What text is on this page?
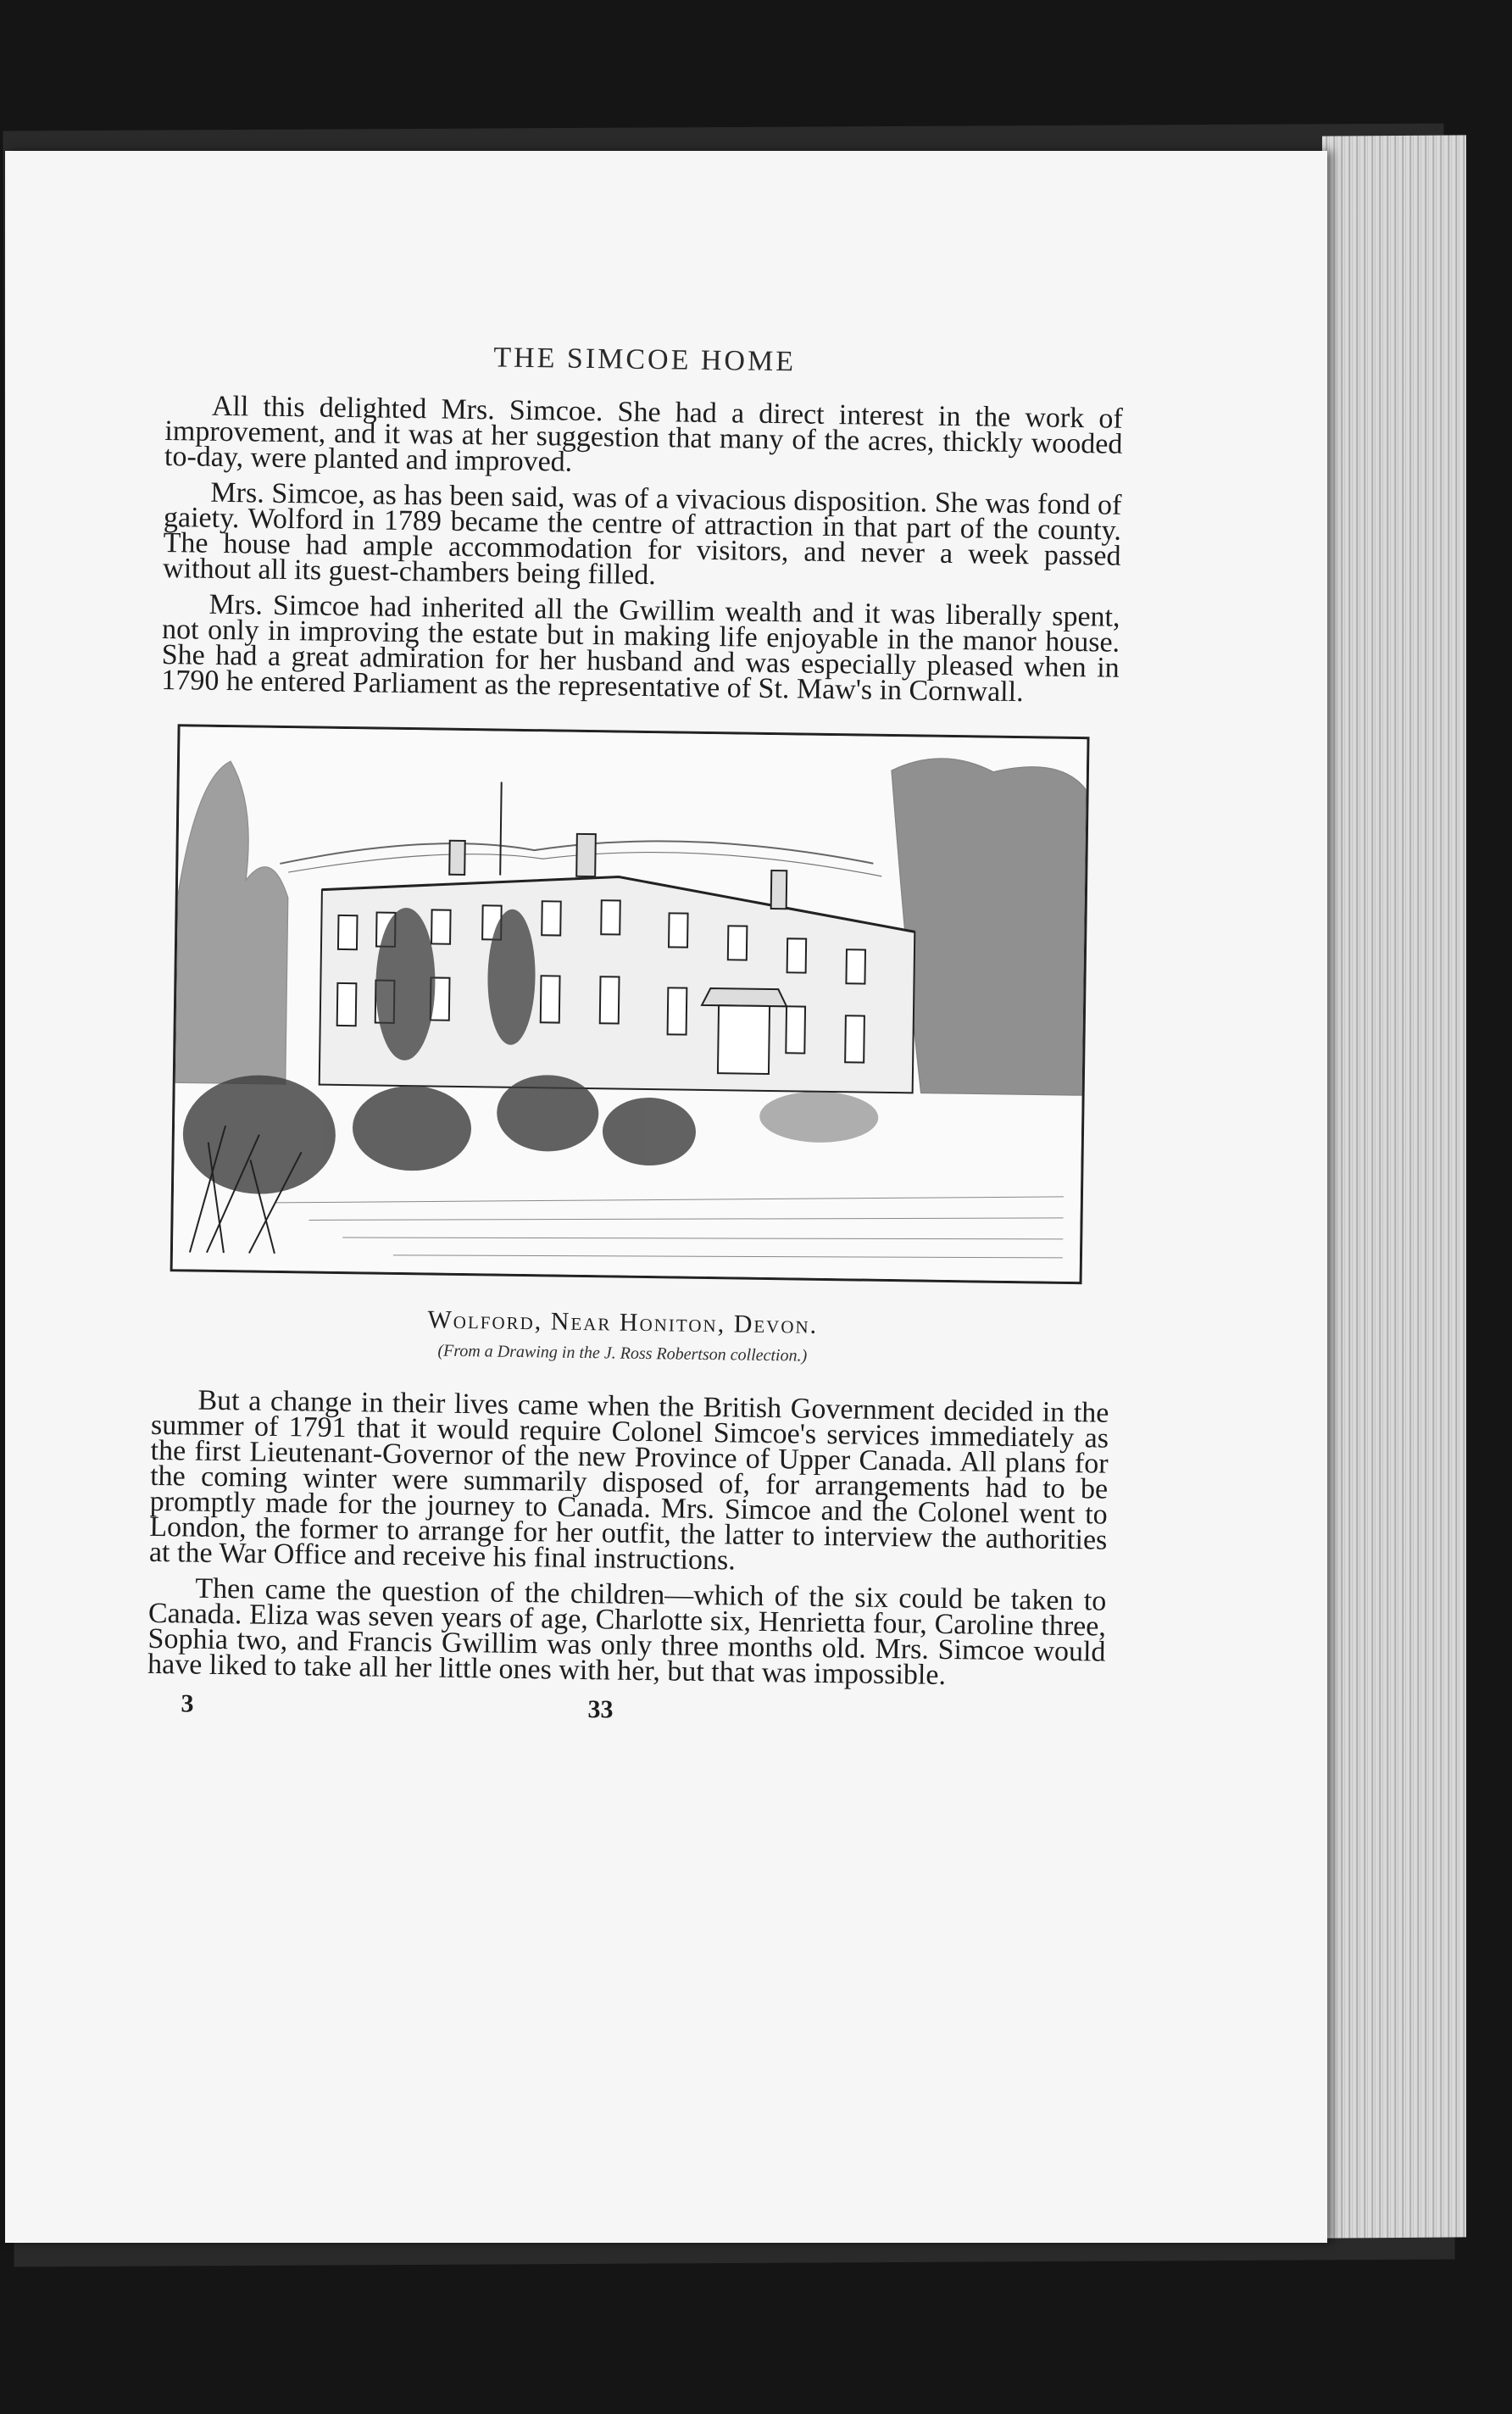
THE SIMCOE HOME

All this delighted Mrs. Simcoe. She had a direct interest in the work of improvement, and it was at her suggestion that many of the acres, thickly wooded to-day, were planted and improved.

Mrs. Simcoe, as has been said, was of a vivacious disposition. She was fond of gaiety. Wolford in 1789 became the centre of attraction in that part of the county. The house had ample accommodation for visitors, and never a week passed without all its guest-chambers being filled.

Mrs. Simcoe had inherited all the Gwillim wealth and it was liberally spent, not only in improving the estate but in making life enjoyable in the manor house. She had a great admiration for her husband and was especially pleased when in 1790 he entered Parliament as the representative of St. Maw's in Cornwall.

Wolford, Near Honiton, Devon.
(From a Drawing in the J. Ross Robertson collection.)

But a change in their lives came when the British Government decided in the summer of 1791 that it would require Colonel Simcoe's services immediately as the first Lieutenant-Governor of the new Province of Upper Canada. All plans for the coming winter were summarily disposed of, for arrangements had to be promptly made for the journey to Canada. Mrs. Simcoe and the Colonel went to London, the former to arrange for her outfit, the latter to interview the authorities at the War Office and receive his final instructions.

Then came the question of the children—which of the six could be taken to Canada. Eliza was seven years of age, Charlotte six, Henrietta four, Caroline three, Sophia two, and Francis Gwillim was only three months old. Mrs. Simcoe would have liked to take all her little ones with her, but that was impossible.

3	33
